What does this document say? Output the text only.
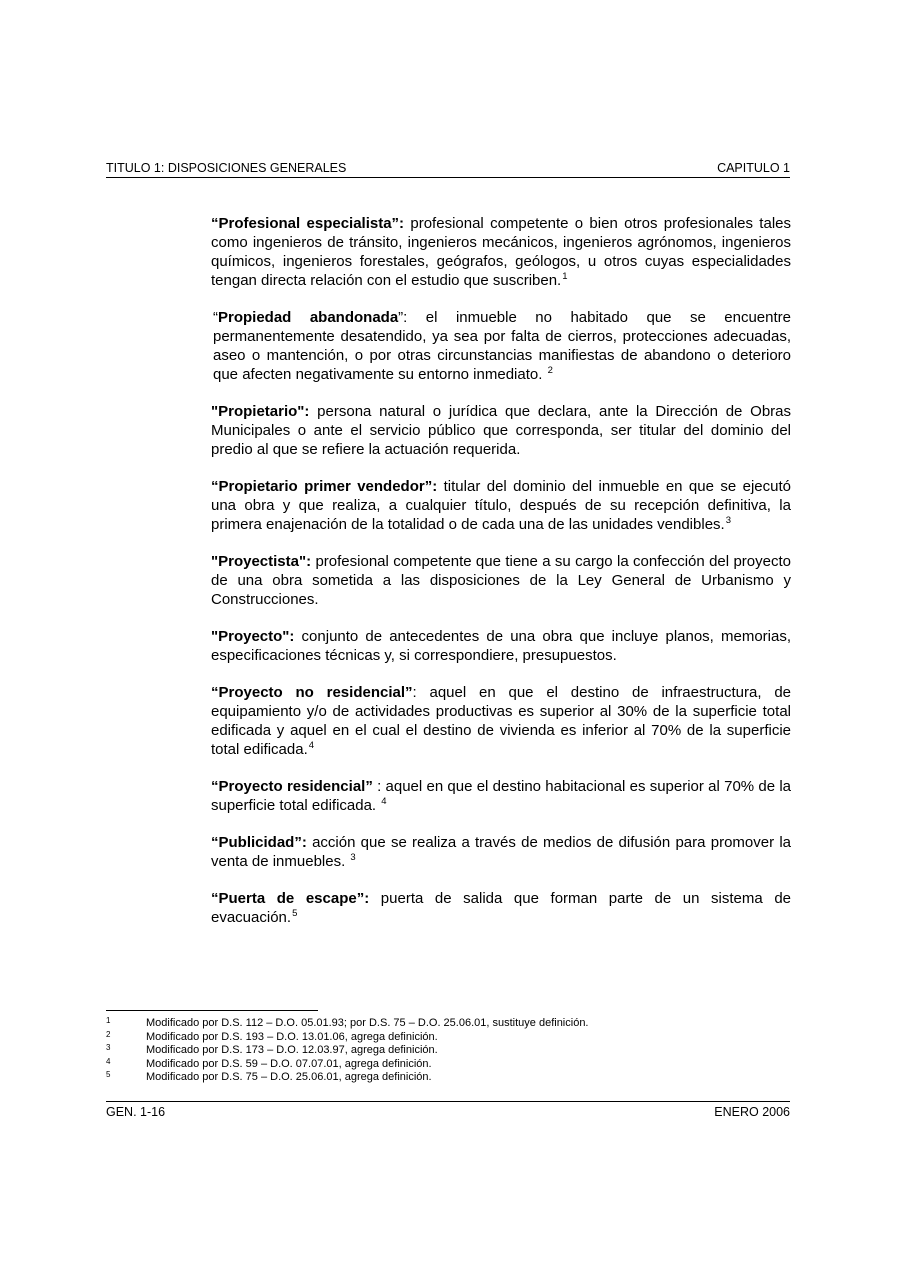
TITULO 1: DISPOSICIONES GENERALES	CAPITULO 1

“Profesional especialista”: profesional competente o bien otros profesionales tales como ingenieros de tránsito, ingenieros mecánicos, ingenieros agrónomos, ingenieros químicos, ingenieros forestales, geógrafos, geólogos, u otros cuyas especialidades tengan directa relación con el estudio que suscriben.$^1$

“Propiedad abandonada”: el inmueble no habitado que se encuentre permanentemente desatendido, ya sea por falta de cierros, protecciones adecuadas, aseo o mantención, o por otras circunstancias manifiestas de abandono o deterioro que afecten negativamente su entorno inmediato. $^2$

"Propietario": persona natural o jurídica que declara, ante la Dirección de Obras Municipales o ante el servicio público que corresponda, ser titular del dominio del predio al que se refiere la actuación requerida.

“Propietario primer vendedor”: titular del dominio del inmueble en que se ejecutó una obra y que realiza, a cualquier título, después de su recepción definitiva, la primera enajenación de la totalidad o de cada una de las unidades vendibles.$^3$

"Proyectista": profesional competente que tiene a su cargo la confección del proyecto de una obra sometida a las disposiciones de la Ley General de Urbanismo y Construcciones.

"Proyecto": conjunto de antecedentes de una obra que incluye planos, memorias, especificaciones técnicas y, si correspondiere, presupuestos.

“Proyecto no residencial”: aquel en que el destino de infraestructura, de equipamiento y/o de actividades productivas es superior al 30% de la superficie total edificada y aquel en el cual el destino de vivienda es inferior al 70% de la superficie total edificada.$^4$

“Proyecto residencial” : aquel en que el destino habitacional es superior al 70% de la superficie total edificada. $^4$

“Publicidad”: acción que se realiza a través de medios de difusión para promover la venta de inmuebles. $^3$

“Puerta de escape”: puerta de salida que forman parte de un sistema de evacuación.$^5$

1	Modificado por D.S. 112 – D.O. 05.01.93; por D.S. 75 – D.O. 25.06.01, sustituye definición.
2	Modificado por D.S. 193 – D.O. 13.01.06, agrega definición.
3	Modificado por D.S. 173 – D.O. 12.03.97, agrega definición.
4	Modificado por D.S. 59 – D.O. 07.07.01, agrega definición.
5	Modificado por D.S. 75 – D.O. 25.06.01, agrega definición.
GEN. 1-16	ENERO 2006
